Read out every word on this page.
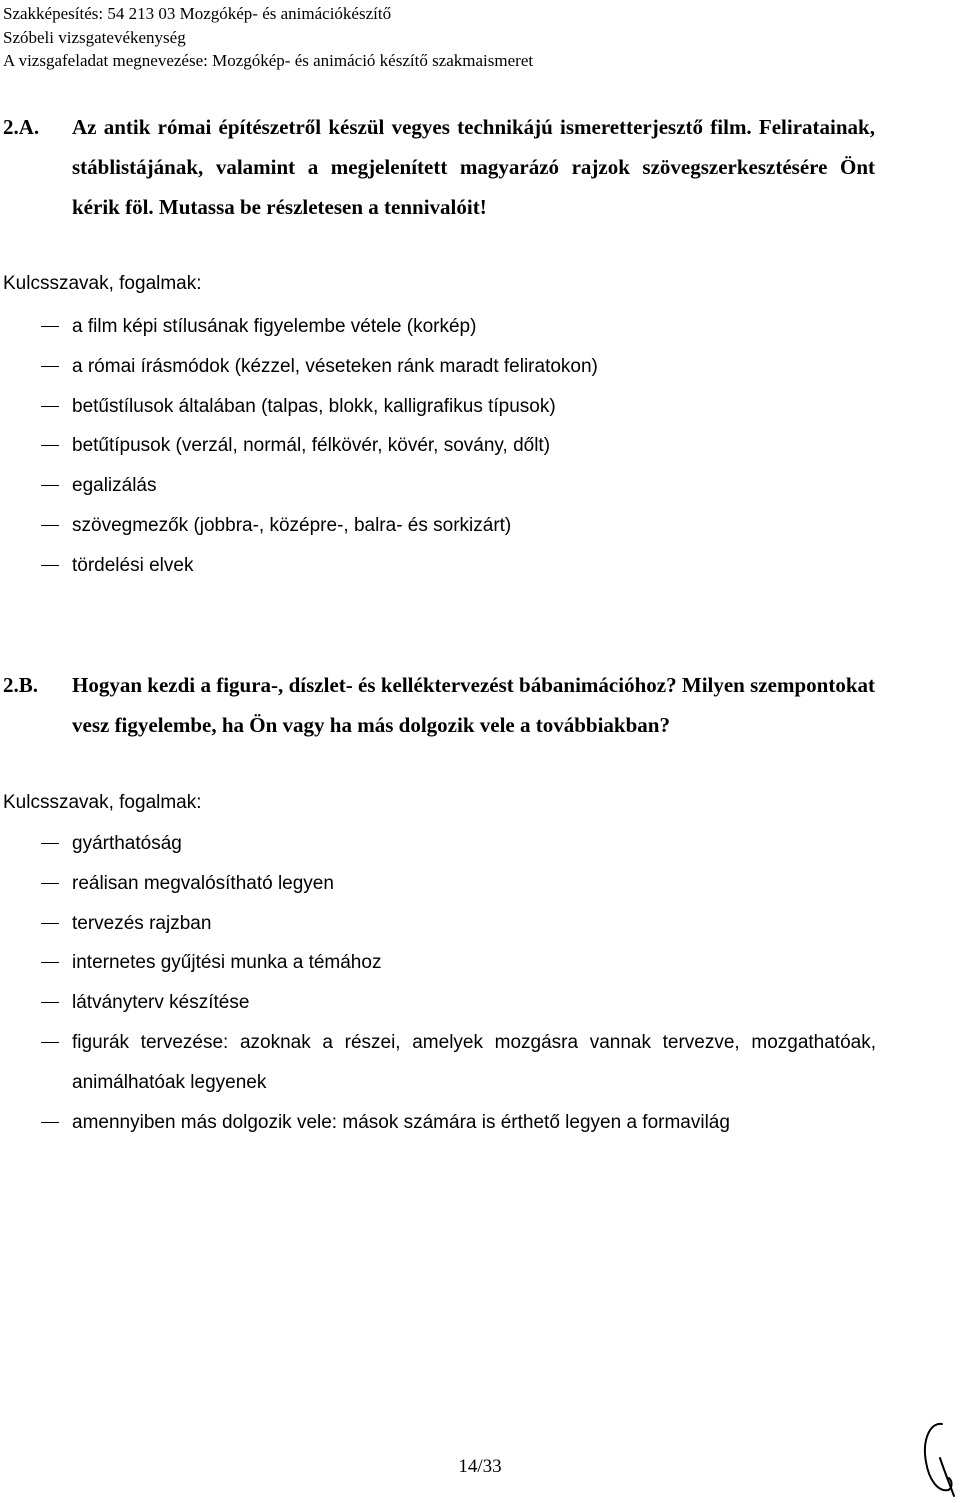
Szakképesítés: 54 213 03 Mozgókép- és animációkészítő
Szóbeli vizsgatevékenység
A vizsgafeladat megnevezése: Mozgókép- és animáció készítő szakmaismeret
2.A. Az antik római építészetről készül vegyes technikájú ismeretterjesztő film. Feliratainak, stáblistájának, valamint a megjelenített magyarázó rajzok szövegszerkesztésére Önt kérik föl. Mutassa be részletesen a tennivalóit!
Kulcsszavak, fogalmak:
a film képi stílusának figyelembe vétele (korkép)
a római írásmódok (kézzel, véseteken ránk maradt feliratokon)
betűstílusok általában (talpas, blokk, kalligrafikus típusok)
betűtípusok (verzál, normál, félkövér, kövér, sovány, dőlt)
egalizálás
szövegmezők (jobbra-, középre-, balra- és sorkizárt)
tördelési elvek
2.B. Hogyan kezdi a figura-, díszlet- és kelléktervezést bábanimációhoz? Milyen szempontokat vesz figyelembe, ha Ön vagy ha más dolgozik vele a továbbiakban?
Kulcsszavak, fogalmak:
gyárthatóság
reálisan megvalósítható legyen
tervezés rajzban
internetes gyűjtési munka a témához
látványterv készítése
figurák tervezése: azoknak a részei, amelyek mozgásra vannak tervezve, mozgathatóak, animálhatóak legyenek
amennyiben más dolgozik vele: mások számára is érthető legyen a formavilág
14/33
